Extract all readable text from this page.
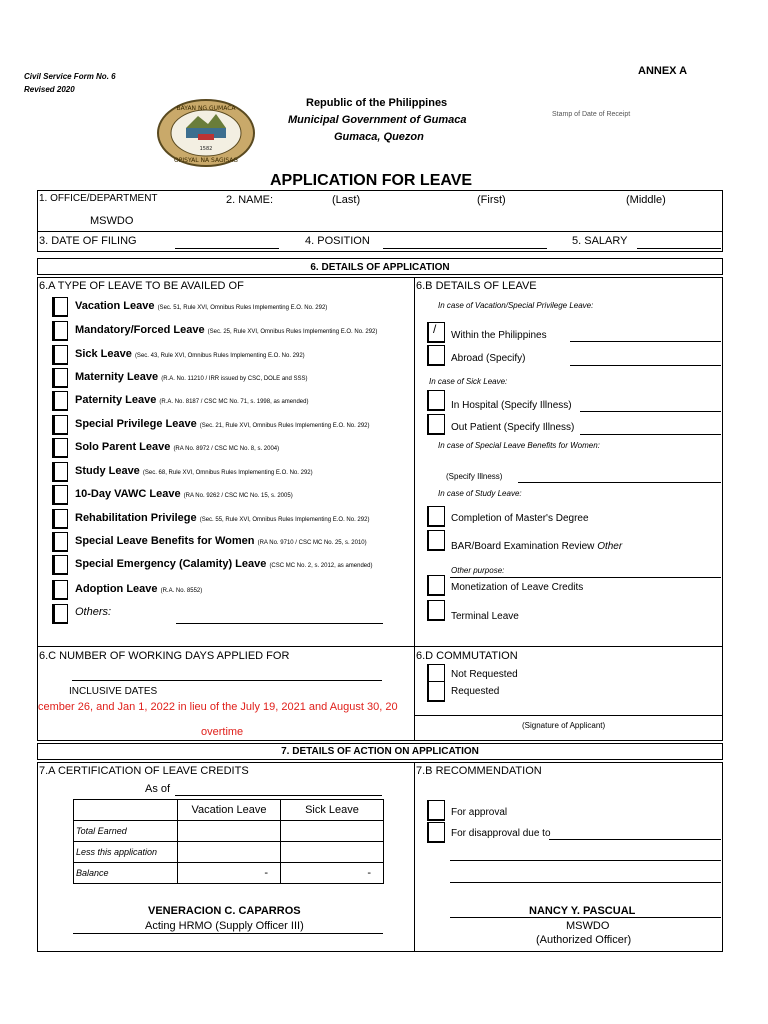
Civil Service Form No. 6
Revised 2020
ANNEX A
BAYAN NG GUMACA
OPISYAL NA SAGISAG
1582
Republic of the Philippines
Municipal Government of Gumaca
Gumaca, Quezon
Stamp of Date of Receipt
APPLICATION FOR LEAVE
1. OFFICE/DEPARTMENT
MSWDO
2. NAME:	(Last)	(First)	(Middle)
3. DATE OF FILING	4. POSITION	5. SALARY
6. DETAILS OF APPLICATION
6.A TYPE OF LEAVE TO BE AVAILED OF	6.B DETAILS OF LEAVE
Vacation Leave (Sec. 51, Rule XVI, Omnibus Rules Implementing E.O. No. 292)
Mandatory/Forced Leave (Sec. 25, Rule XVI, Omnibus Rules Implementing E.O. No. 292)
Sick Leave (Sec. 43, Rule XVI, Omnibus Rules Implementing E.O. No. 292)
Maternity Leave (R.A. No. 11210 / IRR issued by CSC, DOLE and SSS)
Paternity Leave (R.A. No. 8187 / CSC MC No. 71, s. 1998, as amended)
Special Privilege Leave (Sec. 21, Rule XVI, Omnibus Rules Implementing E.O. No. 292)
Solo Parent Leave (RA No. 8972 / CSC MC No. 8, s. 2004)
Study Leave (Sec. 68, Rule XVI, Omnibus Rules Implementing E.O. No. 292)
10-Day VAWC Leave (RA No. 9262 / CSC MC No. 15, s. 2005)
Rehabilitation Privilege (Sec. 55, Rule XVI, Omnibus Rules Implementing E.O. No. 292)
Special Leave Benefits for Women (RA No. 9710 / CSC MC No. 25, s. 2010)
Special Emergency (Calamity) Leave (CSC MC No. 2, s. 2012, as amended)
Adoption Leave (R.A. No. 8552)
Others:
In case of Vacation/Special Privilege Leave:
/ Within the Philippines
Abroad (Specify)
In case of Sick Leave:
In Hospital (Specify Illness)
Out Patient (Specify Illness)
In case of Special Leave Benefits for Women:
(Specify Illness)
In case of Study Leave:
Completion of Master's Degree
BAR/Board Examination Review Other
Other purpose:
Monetization of Leave Credits
Terminal Leave
6.C NUMBER OF WORKING DAYS APPLIED FOR
INCLUSIVE DATES
cember 26, and Jan 1, 2022 in lieu of the July 19, 2021 and August 30, 20
overtime
6.D COMMUTATION
Not Requested
Requested
(Signature of Applicant)
7. DETAILS OF ACTION ON APPLICATION
7.A CERTIFICATION OF LEAVE CREDITS
As of
	Vacation Leave	Sick Leave
Total Earned		
Less this application		
Balance	-	-
VENERACION C. CAPARROS
Acting HRMO (Supply Officer III)
7.B RECOMMENDATION
For approval
For disapproval due to
NANCY Y. PASCUAL
MSWDO
(Authorized Officer)
